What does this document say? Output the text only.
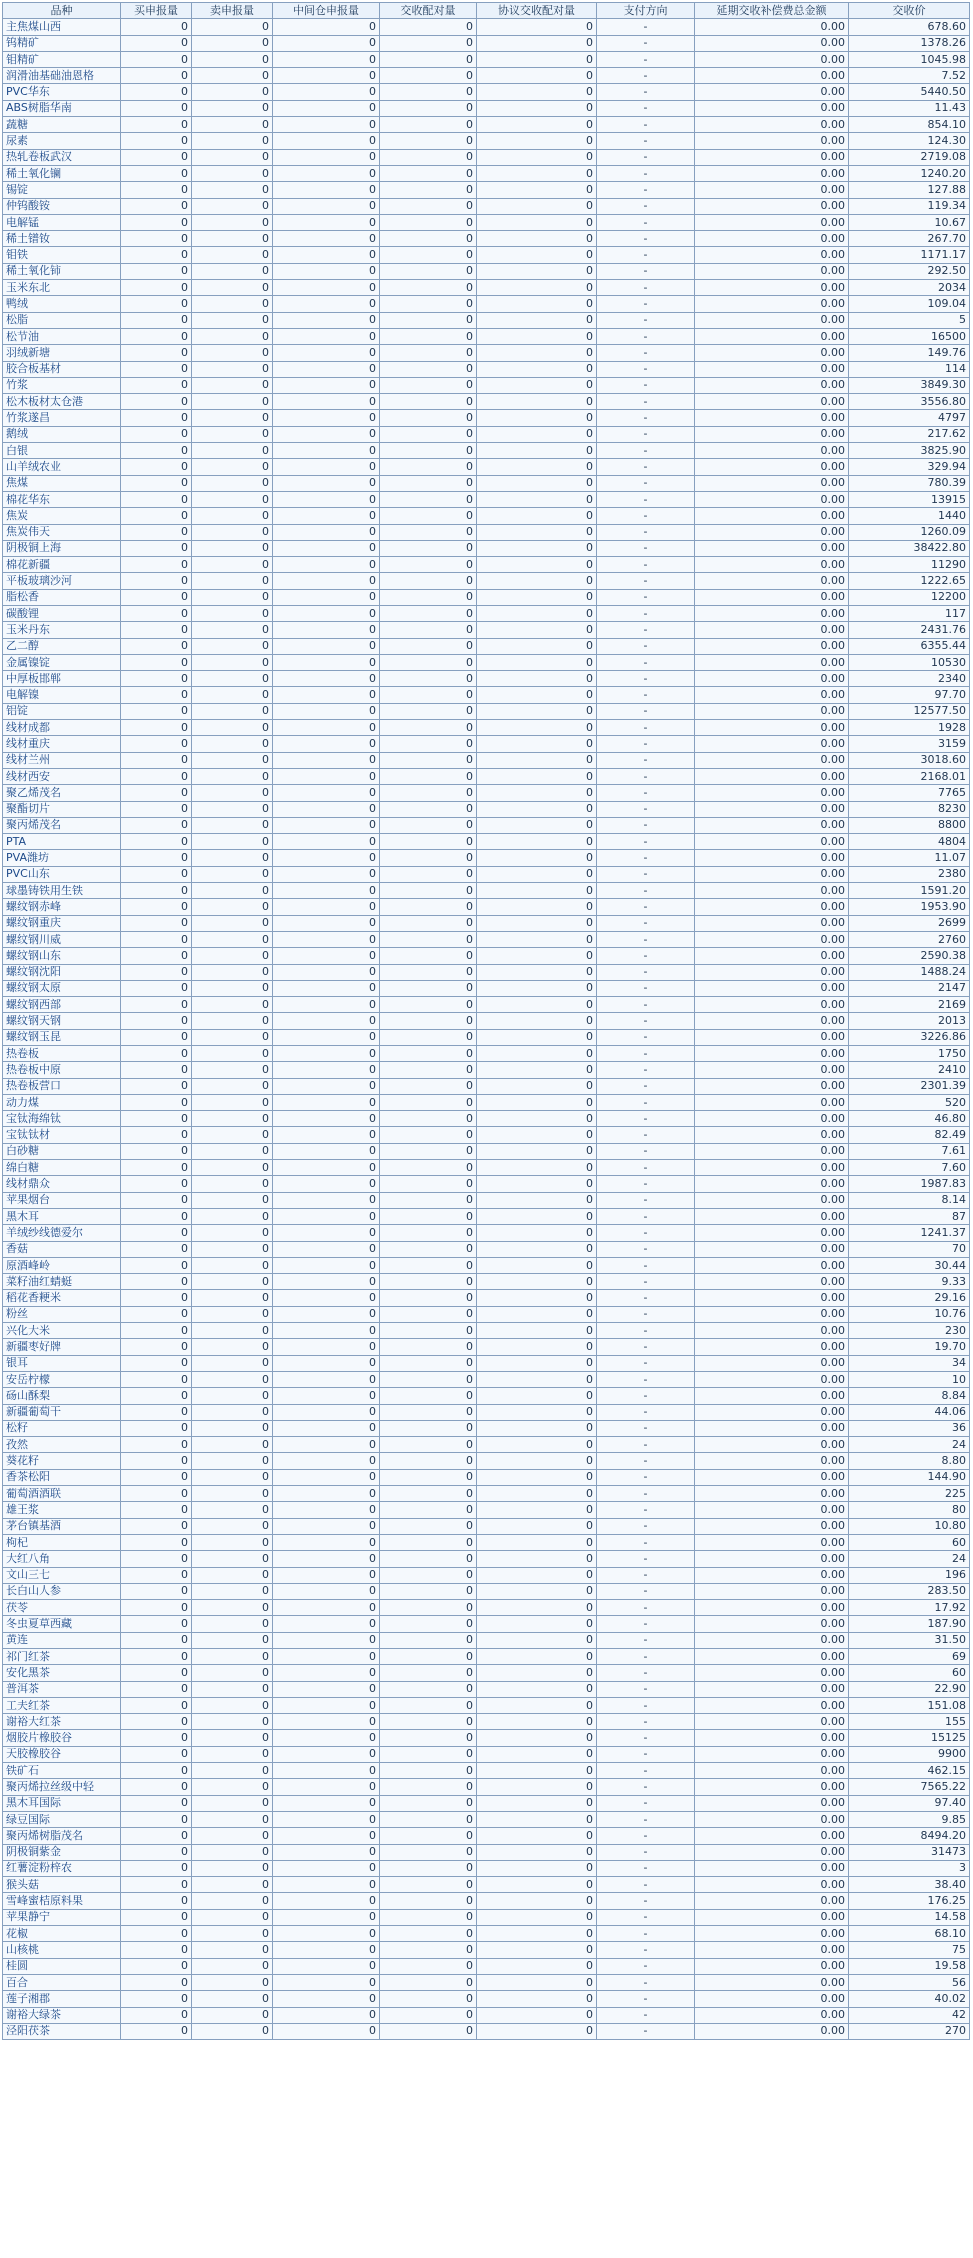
品种	买申报量	卖申报量	中间仓申报量	交收配对量	协议交收配对量	支付方向	延期交收补偿费总金额	交收价
主焦煤山西	0	0	0	0	0	-	0.00	678.60
钨精矿	0	0	0	0	0	-	0.00	1378.26
钼精矿	0	0	0	0	0	-	0.00	1045.98
润滑油基础油恩格	0	0	0	0	0	-	0.00	7.52
PVC华东	0	0	0	0	0	-	0.00	5440.50
ABS树脂华南	0	0	0	0	0	-	0.00	11.43
蔬糖	0	0	0	0	0	-	0.00	854.10
尿素	0	0	0	0	0	-	0.00	124.30
热轧卷板武汉	0	0	0	0	0	-	0.00	2719.08
稀土氧化镧	0	0	0	0	0	-	0.00	1240.20
锡锭	0	0	0	0	0	-	0.00	127.88
仲钨酸铵	0	0	0	0	0	-	0.00	119.34
电解锰	0	0	0	0	0	-	0.00	10.67
稀土镨钕	0	0	0	0	0	-	0.00	267.70
钼铁	0	0	0	0	0	-	0.00	1171.17
稀土氧化铈	0	0	0	0	0	-	0.00	292.50
玉米东北	0	0	0	0	0	-	0.00	2034
鸭绒	0	0	0	0	0	-	0.00	109.04
松脂	0	0	0	0	0	-	0.00	5
松节油	0	0	0	0	0	-	0.00	16500
羽绒新塘	0	0	0	0	0	-	0.00	149.76
胶合板基材	0	0	0	0	0	-	0.00	114
竹浆	0	0	0	0	0	-	0.00	3849.30
松木板材太仓港	0	0	0	0	0	-	0.00	3556.80
竹浆遂昌	0	0	0	0	0	-	0.00	4797
鹅绒	0	0	0	0	0	-	0.00	217.62
白银	0	0	0	0	0	-	0.00	3825.90
山羊绒农业	0	0	0	0	0	-	0.00	329.94
焦煤	0	0	0	0	0	-	0.00	780.39
棉花华东	0	0	0	0	0	-	0.00	13915
焦炭	0	0	0	0	0	-	0.00	1440
焦炭伟天	0	0	0	0	0	-	0.00	1260.09
阴极铜上海	0	0	0	0	0	-	0.00	38422.80
棉花新疆	0	0	0	0	0	-	0.00	11290
平板玻璃沙河	0	0	0	0	0	-	0.00	1222.65
脂松香	0	0	0	0	0	-	0.00	12200
碳酸锂	0	0	0	0	0	-	0.00	117
玉米丹东	0	0	0	0	0	-	0.00	2431.76
乙二醇	0	0	0	0	0	-	0.00	6355.44
金属镍锭	0	0	0	0	0	-	0.00	10530
中厚板邯郸	0	0	0	0	0	-	0.00	2340
电解镍	0	0	0	0	0	-	0.00	97.70
铝锭	0	0	0	0	0	-	0.00	12577.50
线材成都	0	0	0	0	0	-	0.00	1928
线材重庆	0	0	0	0	0	-	0.00	3159
线材兰州	0	0	0	0	0	-	0.00	3018.60
线材西安	0	0	0	0	0	-	0.00	2168.01
聚乙烯茂名	0	0	0	0	0	-	0.00	7765
聚酯切片	0	0	0	0	0	-	0.00	8230
聚丙烯茂名	0	0	0	0	0	-	0.00	8800
PTA	0	0	0	0	0	-	0.00	4804
PVA潍坊	0	0	0	0	0	-	0.00	11.07
PVC山东	0	0	0	0	0	-	0.00	2380
球墨铸铁用生铁	0	0	0	0	0	-	0.00	1591.20
螺纹钢赤峰	0	0	0	0	0	-	0.00	1953.90
螺纹钢重庆	0	0	0	0	0	-	0.00	2699
螺纹钢川威	0	0	0	0	0	-	0.00	2760
螺纹钢山东	0	0	0	0	0	-	0.00	2590.38
螺纹钢沈阳	0	0	0	0	0	-	0.00	1488.24
螺纹钢太原	0	0	0	0	0	-	0.00	2147
螺纹钢西部	0	0	0	0	0	-	0.00	2169
螺纹钢天钢	0	0	0	0	0	-	0.00	2013
螺纹钢玉昆	0	0	0	0	0	-	0.00	3226.86
热卷板	0	0	0	0	0	-	0.00	1750
热卷板中原	0	0	0	0	0	-	0.00	2410
热卷板营口	0	0	0	0	0	-	0.00	2301.39
动力煤	0	0	0	0	0	-	0.00	520
宝钛海绵钛	0	0	0	0	0	-	0.00	46.80
宝钛钛材	0	0	0	0	0	-	0.00	82.49
白砂糖	0	0	0	0	0	-	0.00	7.61
绵白糖	0	0	0	0	0	-	0.00	7.60
线材鼎众	0	0	0	0	0	-	0.00	1987.83
苹果烟台	0	0	0	0	0	-	0.00	8.14
黑木耳	0	0	0	0	0	-	0.00	87
羊绒纱线德爱尔	0	0	0	0	0	-	0.00	1241.37
香菇	0	0	0	0	0	-	0.00	70
原酒峰岭	0	0	0	0	0	-	0.00	30.44
菜籽油红蜻蜓	0	0	0	0	0	-	0.00	9.33
稻花香粳米	0	0	0	0	0	-	0.00	29.16
粉丝	0	0	0	0	0	-	0.00	10.76
兴化大米	0	0	0	0	0	-	0.00	230
新疆枣好牌	0	0	0	0	0	-	0.00	19.70
银耳	0	0	0	0	0	-	0.00	34
安岳柠檬	0	0	0	0	0	-	0.00	10
砀山酥梨	0	0	0	0	0	-	0.00	8.84
新疆葡萄干	0	0	0	0	0	-	0.00	44.06
松籽	0	0	0	0	0	-	0.00	36
孜然	0	0	0	0	0	-	0.00	24
葵花籽	0	0	0	0	0	-	0.00	8.80
香茶松阳	0	0	0	0	0	-	0.00	144.90
葡萄酒酒联	0	0	0	0	0	-	0.00	225
雄王浆	0	0	0	0	0	-	0.00	80
茅台镇基酒	0	0	0	0	0	-	0.00	10.80
枸杞	0	0	0	0	0	-	0.00	60
大红八角	0	0	0	0	0	-	0.00	24
文山三七	0	0	0	0	0	-	0.00	196
长白山人参	0	0	0	0	0	-	0.00	283.50
茯苓	0	0	0	0	0	-	0.00	17.92
冬虫夏草西藏	0	0	0	0	0	-	0.00	187.90
黄连	0	0	0	0	0	-	0.00	31.50
祁门红茶	0	0	0	0	0	-	0.00	69
安化黑茶	0	0	0	0	0	-	0.00	60
普洱茶	0	0	0	0	0	-	0.00	22.90
工夫红茶	0	0	0	0	0	-	0.00	151.08
谢裕大红茶	0	0	0	0	0	-	0.00	155
烟胶片橡胶谷	0	0	0	0	0	-	0.00	15125
天胶橡胶谷	0	0	0	0	0	-	0.00	9900
铁矿石	0	0	0	0	0	-	0.00	462.15
聚丙烯拉丝级中轻	0	0	0	0	0	-	0.00	7565.22
黑木耳国际	0	0	0	0	0	-	0.00	97.40
绿豆国际	0	0	0	0	0	-	0.00	9.85
聚丙烯树脂茂名	0	0	0	0	0	-	0.00	8494.20
阴极铜紫金	0	0	0	0	0	-	0.00	31473
红薯淀粉梓农	0	0	0	0	0	-	0.00	3
猴头菇	0	0	0	0	0	-	0.00	38.40
雪峰蜜桔原料果	0	0	0	0	0	-	0.00	176.25
苹果静宁	0	0	0	0	0	-	0.00	14.58
花椒	0	0	0	0	0	-	0.00	68.10
山核桃	0	0	0	0	0	-	0.00	75
桂圆	0	0	0	0	0	-	0.00	19.58
百合	0	0	0	0	0	-	0.00	56
莲子湘郡	0	0	0	0	0	-	0.00	40.02
谢裕大绿茶	0	0	0	0	0	-	0.00	42
泾阳茯茶	0	0	0	0	0	-	0.00	270
